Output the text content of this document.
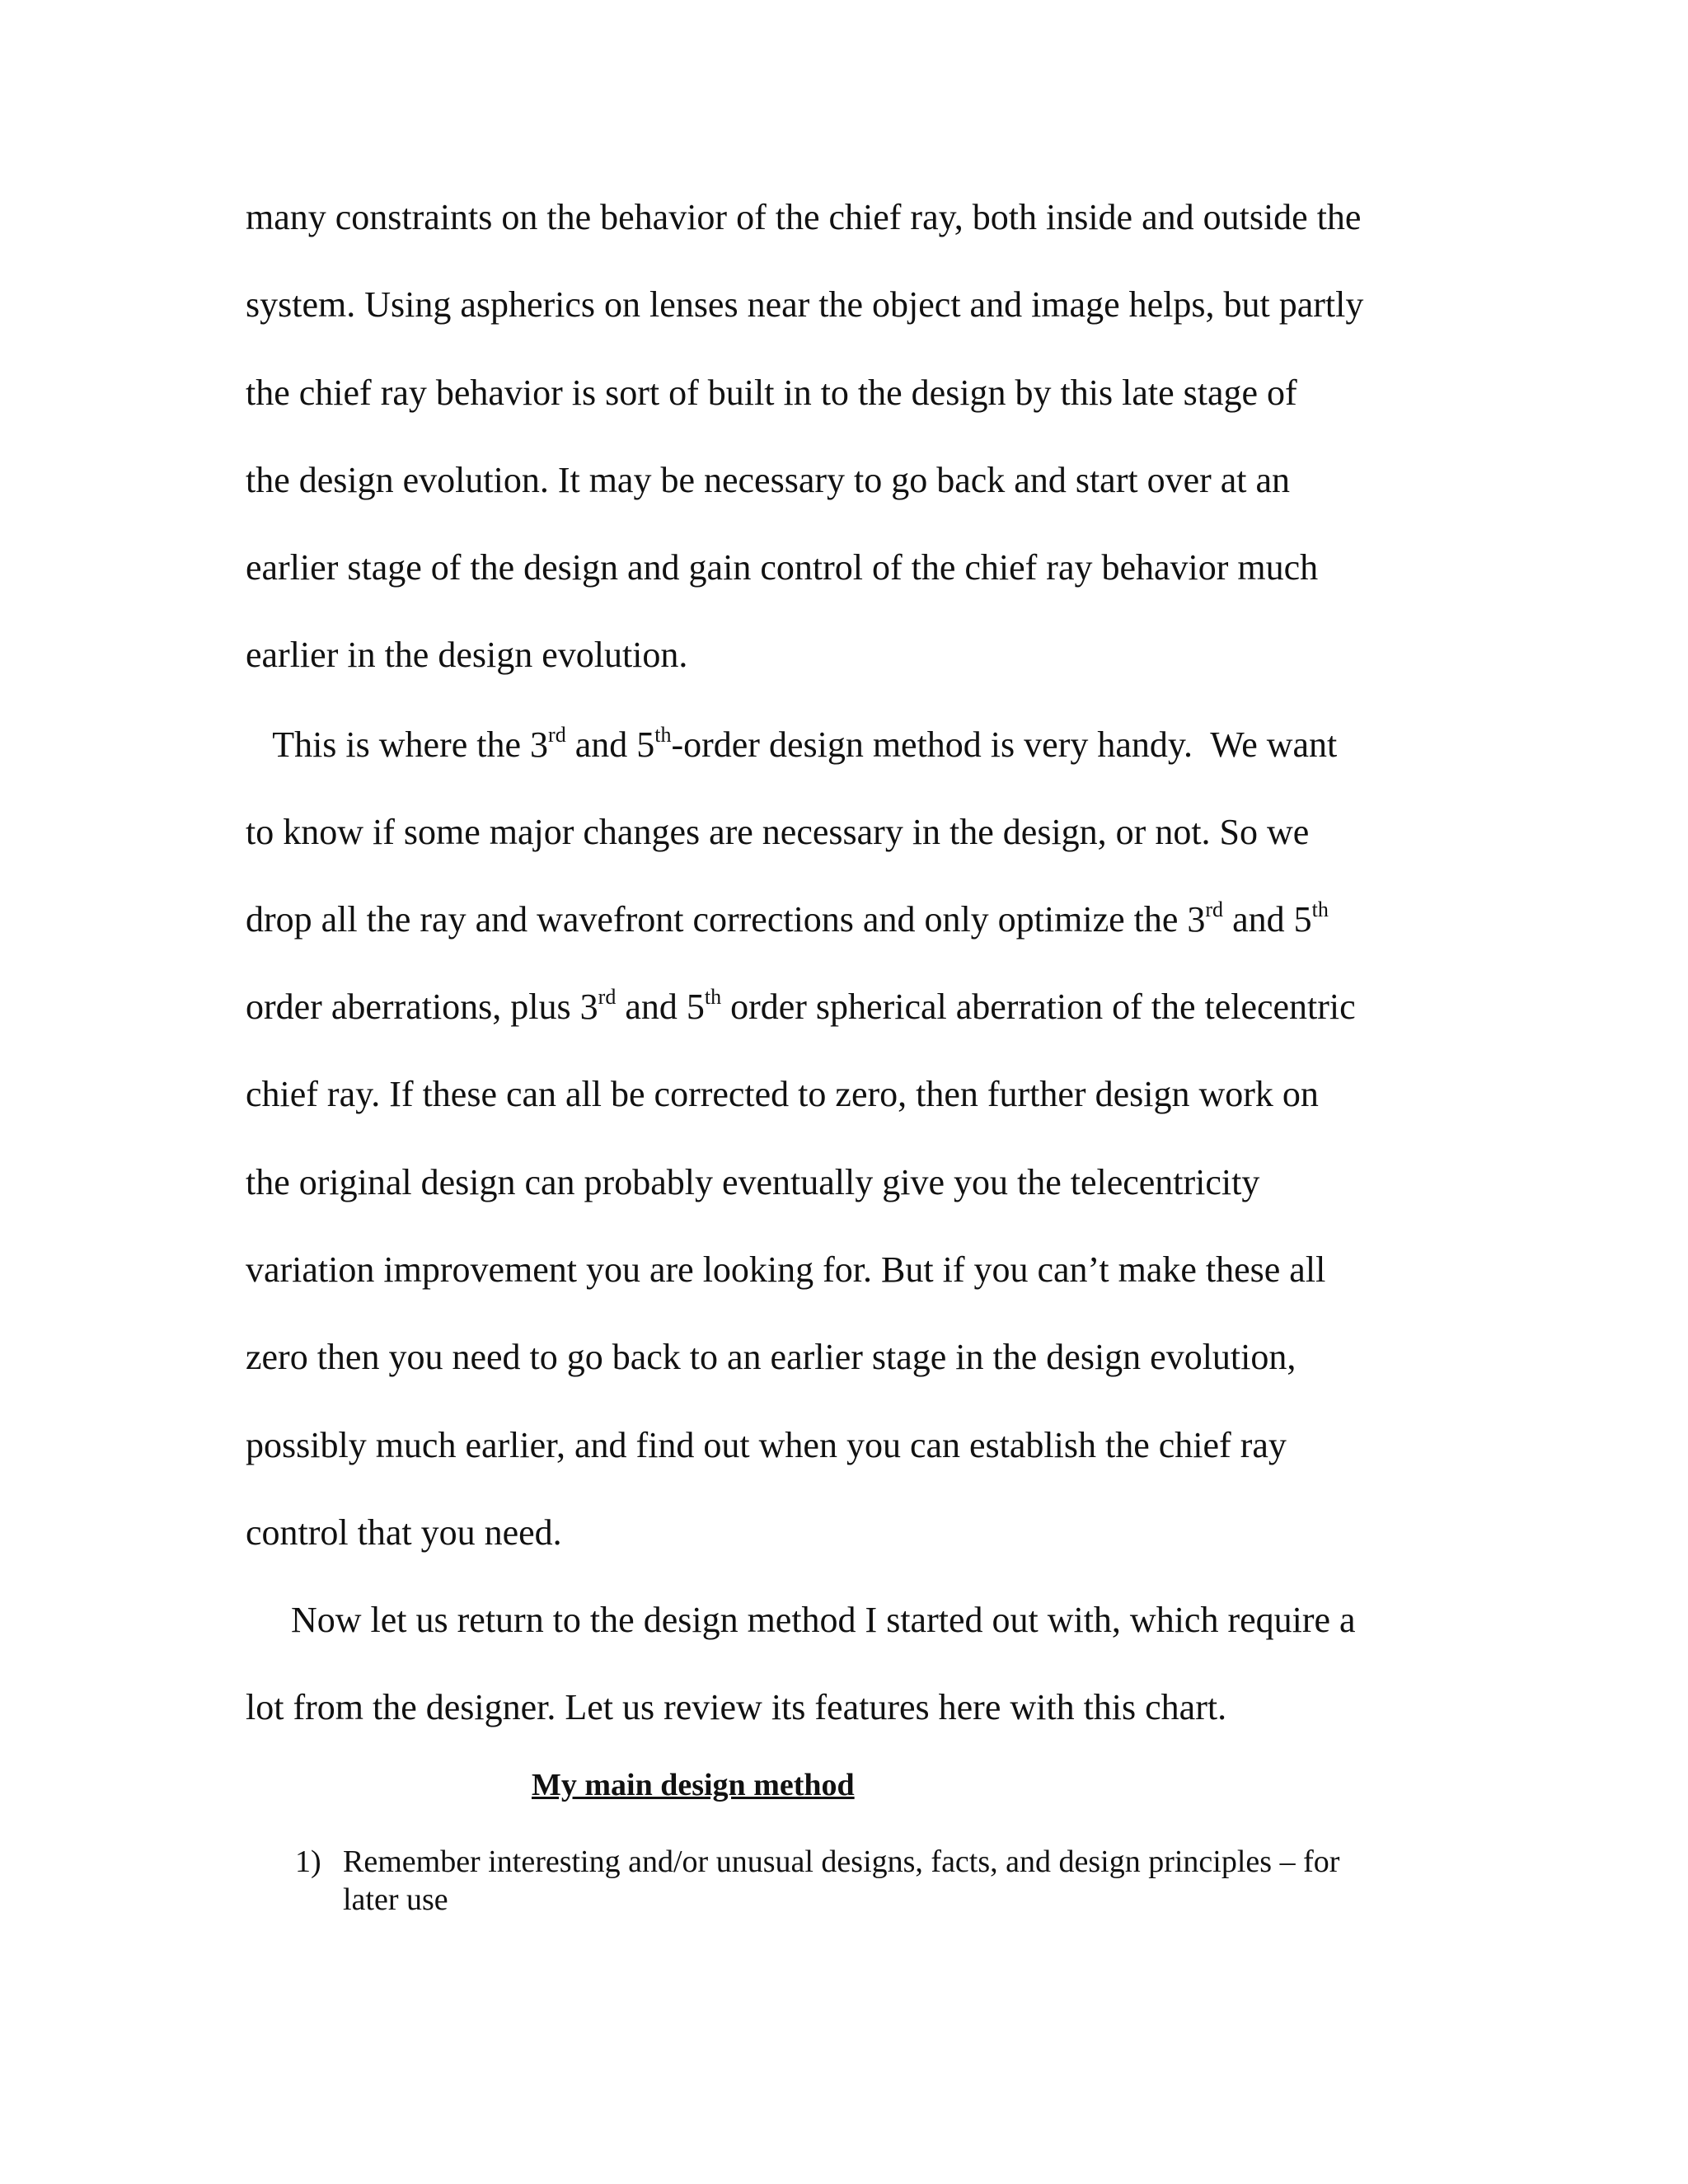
many constraints on the behavior of the chief ray, both inside and outside the

system. Using aspherics on lenses near the object and image helps, but partly

the chief ray behavior is sort of built in to the design by this late stage of

the design evolution. It may be necessary to go back and start over at an

earlier stage of the design and gain control of the chief ray behavior much

earlier in the design evolution.

This is where the 3rd and 5th-order design method is very handy.  We want

to know if some major changes are necessary in the design, or not. So we

drop all the ray and wavefront corrections and only optimize the 3rd and 5th

order aberrations, plus 3rd and 5th order spherical aberration of the telecentric

chief ray. If these can all be corrected to zero, then further design work on

the original design can probably eventually give you the telecentricity

variation improvement you are looking for. But if you can’t make these all

zero then you need to go back to an earlier stage in the design evolution,

possibly much earlier, and find out when you can establish the chief ray

control that you need.

Now let us return to the design method I started out with, which require a

lot from the designer. Let us review its features here with this chart.

My main design method

1) Remember interesting and/or unusual designs, facts, and design principles – for

later use
